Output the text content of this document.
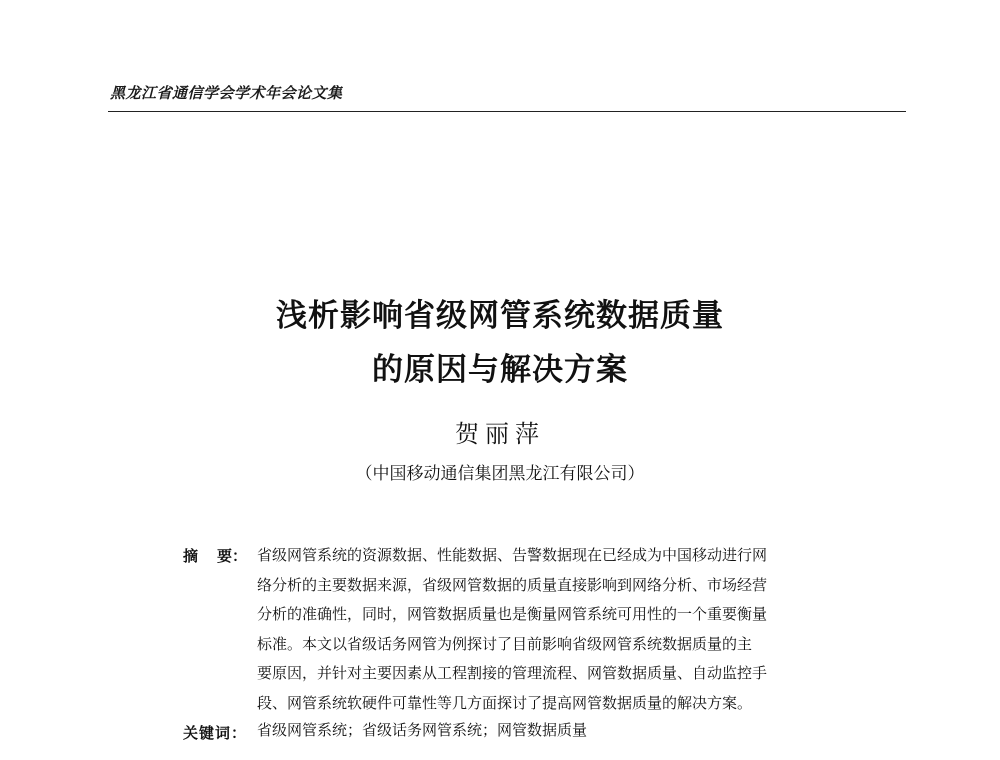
黑龙江省通信学会学术年会论文集
浅析影响省级网管系统数据质量
的原因与解决方案
贺丽萍
（中国移动通信集团黑龙江有限公司）
摘 要： 省级网管系统的资源数据、性能数据、告警数据现在已经成为中国移动进行网
络分析的主要数据来源，省级网管数据的质量直接影响到网络分析、市场经营
分析的准确性，同时，网管数据质量也是衡量网管系统可用性的一个重要衡量
标准。本文以省级话务网管为例探讨了目前影响省级网管系统数据质量的主
要原因，并针对主要因素从工程割接的管理流程、网管数据质量、自动监控手
段、网管系统软硬件可靠性等几方面探讨了提高网管数据质量的解决方案。
关键词： 省级网管系统；省级话务网管系统；网管数据质量
